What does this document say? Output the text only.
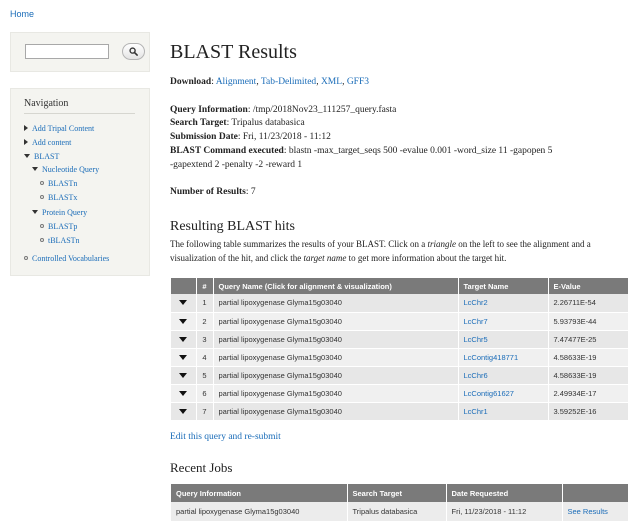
Home
Navigation
Add Tripal Content
Add content
BLAST
Nucleotide Query
BLASTn
BLASTx
Protein Query
BLASTp
tBLASTn
Controlled Vocabularies
BLAST Results
Download: Alignment, Tab-Delimited, XML, GFF3
Query Information: /tmp/2018Nov23_111257_query.fasta
Search Target: Tripalus databasica
Submission Date: Fri, 11/23/2018 - 11:12
BLAST Command executed: blastn -max_target_seqs 500 -evalue 0.001 -word_size 11 -gapopen 5
-gapextend 2 -penalty -2 -reward 1
Number of Results: 7
Resulting BLAST hits
The following table summarizes the results of your BLAST. Click on a triangle on the left to see the alignment and a visualization of the hit, and click the target name to get more information about the target hit.
	#	Query Name (Click for alignment & visualization)	Target Name	E-Value
	1	partial lipoxygenase Glyma15g03040	LcChr2	2.26711E-54
	2	partial lipoxygenase Glyma15g03040	LcChr7	5.93793E-44
	3	partial lipoxygenase Glyma15g03040	LcChr5	7.47477E-25
	4	partial lipoxygenase Glyma15g03040	LcContig418771	4.58633E-19
	5	partial lipoxygenase Glyma15g03040	LcChr6	4.58633E-19
	6	partial lipoxygenase Glyma15g03040	LcContig61627	2.49934E-17
	7	partial lipoxygenase Glyma15g03040	LcChr1	3.59252E-16
Edit this query and re-submit
Recent Jobs
Query Information	Search Target	Date Requested	
partial lipoxygenase Glyma15g03040	Tripalus databasica	Fri, 11/23/2018 - 11:12	See Results
